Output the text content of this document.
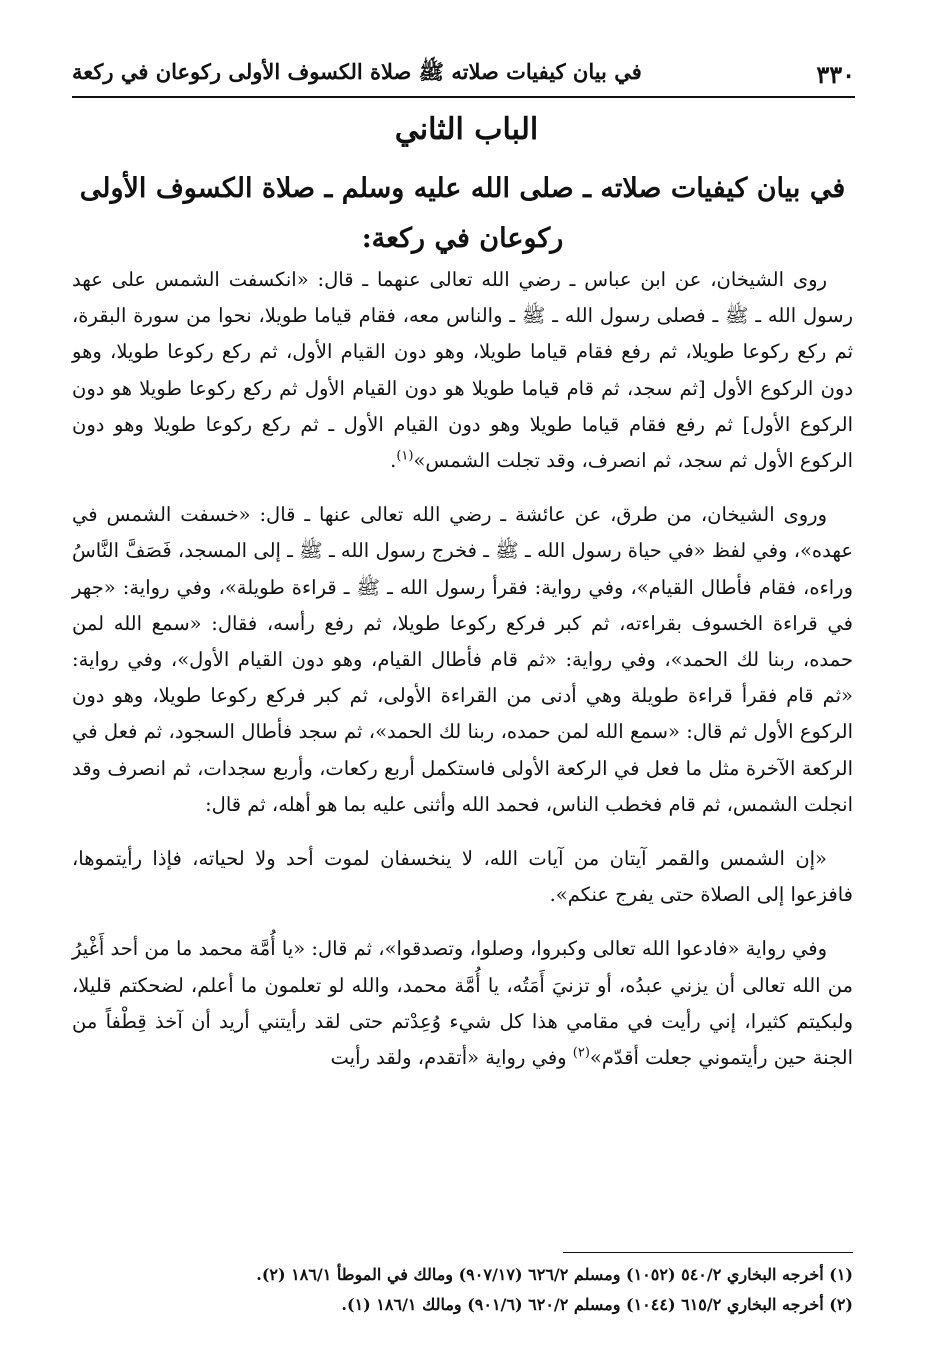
٣٣٠
في بيان كيفيات صلاته ﷺ صلاة الكسوف الأولى ركوعان في ركعة
الباب الثاني
في بيان كيفيات صلاته ـ صلى الله عليه وسلم ـ صلاة الكسوف الأولى ركوعان في ركعة:

روى الشيخان، عن ابن عباس ـ رضي الله تعالى عنهما ـ قال: «انكسفت الشمس على عهد رسول الله ـ ﷺ ـ فصلى رسول الله ـ ﷺ ـ والناس معه، فقام قياما طويلا، نحوا من سورة البقرة، ثم ركع ركوعا طويلا، ثم رفع فقام قياما طويلا، وهو دون القيام الأول، ثم ركع ركوعا طويلا، وهو دون الركوع الأول [ثم سجد، ثم قام قياما طويلا هو دون القيام الأول ثم ركع ركوعا طويلا هو دون الركوع الأول] ثم رفع فقام قياما طويلا وهو دون القيام الأول ـ ثم ركع ركوعا طويلا وهو دون الركوع الأول ثم سجد، ثم انصرف، وقد تجلت الشمس»$^{(١)}$.

وروى الشيخان، من طرق، عن عائشة ـ رضي الله تعالى عنها ـ قال: «خسفت الشمس في عهده»، وفي لفظ «في حياة رسول الله ـ ﷺ ـ فخرج رسول الله ـ ﷺ ـ إلى المسجد، فَصَفَّ النَّاسُ وراءه، فقام فأطال القيام»، وفي رواية: فقرأ رسول الله ـ ﷺ ـ قراءة طويلة»، وفي رواية: «جهر في قراءة الخسوف بقراءته، ثم كبر فركع ركوعا طويلا، ثم رفع رأسه، فقال: «سمع الله لمن حمده، ربنا لك الحمد»، وفي رواية: «ثم قام فأطال القيام، وهو دون القيام الأول»، وفي رواية: «ثم قام فقرأ قراءة طويلة وهي أدنى من القراءة الأولى، ثم كبر فركع ركوعا طويلا، وهو دون الركوع الأول ثم قال: «سمع الله لمن حمده، ربنا لك الحمد»، ثم سجد فأطال السجود، ثم فعل في الركعة الآخرة مثل ما فعل في الركعة الأولى فاستكمل أربع ركعات، وأربع سجدات، ثم انصرف وقد انجلت الشمس، ثم قام فخطب الناس، فحمد الله وأثنى عليه بما هو أهله، ثم قال:

«إن الشمس والقمر آيتان من آيات الله، لا ينخسفان لموت أحد ولا لحياته، فإذا رأيتموها، فافزعوا إلى الصلاة حتى يفرج عنكم».

وفي رواية «فادعوا الله تعالى وكبروا، وصلوا، وتصدقوا»، ثم قال: «يا أُمَّة محمد ما من أحد أَغْيرُ من الله تعالى أن يزني عبدُه، أو تزنيَ أَمَتُه، يا أُمَّة محمد، والله لو تعلمون ما أعلم، لضحكتم قليلا، ولبكيتم كثيرا، إني رأيت في مقامي هذا كل شيء وُعِدْتم حتى لقد رأيتني أريد أن آخذ قِطْفاً من الجنة حين رأيتموني جعلت أقدّم»$^{(٢)}$ وفي رواية «أتقدم، ولقد رأيت

(١) أخرجه البخاري ٥٤٠/٢ (١٠٥٢) ومسلم ٦٢٦/٢ (٩٠٧/١٧) ومالك في الموطأ ١٨٦/١ (٢).
(٢) أخرجه البخاري ٦١٥/٢ (١٠٤٤) ومسلم ٦٢٠/٢ (٩٠١/٦) ومالك ١٨٦/١ (١).
